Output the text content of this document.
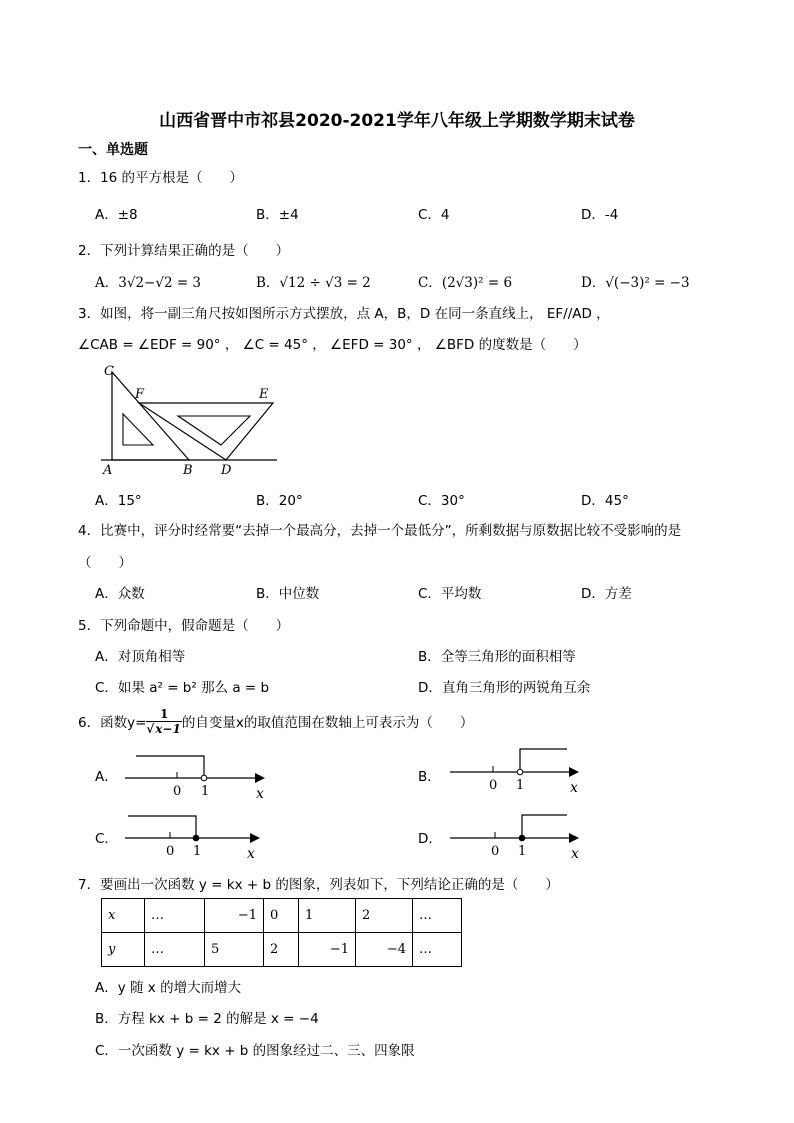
山西省晋中市祁县2020-2021学年八年级上学期数学期末试卷
一、单选题
1．16 的平方根是（　　）
A．±8	B．±4	C．4	D．-4
2．下列计算结果正确的是（　　）
A．3√2−√2 = 3	B．√12 ÷ √3 = 2	C．(2√3)² = 6	D．√(−3)² = −3
3．如图，将一副三角尺按如图所示方式摆放，点 A，B，D 在同一条直线上， EF//AD ，
∠CAB = ∠EDF = 90° ， ∠C = 45° ， ∠EFD = 30° ， ∠BFD 的度数是（　　）
C
F	E
A	B D
A．15°	B．20°	C．30°	D．45°
4．比赛中，评分时经常要“去掉一个最高分，去掉一个最低分”，所剩数据与原数据比较不受影响的是
（　　）
A．众数	B．中位数	C．平均数	D．方差
5．下列命题中，假命题是（　　）
A．对顶角相等	B．全等三角形的面积相等
C．如果 a² = b² 那么 a = b	D．直角三角形的两锐角互余
6．函数$y= \frac{1}{√x-1}$ 的自变量x的取值范围在数轴上可表示为（　　）
A．
0 1	x
B．
0 1	x
C．
0 1	x
D．
0 1	x
7．要画出一次函数 y = kx + b 的图象，列表如下，下列结论正确的是（　　）
x	…	−1	0	1	2	…
y	…	5	2	−1	−4	…
A．y 随 x 的增大而增大
B．方程 kx + b = 2 的解是 x = −4
C．一次函数 y = kx + b 的图象经过二、三、四象限
